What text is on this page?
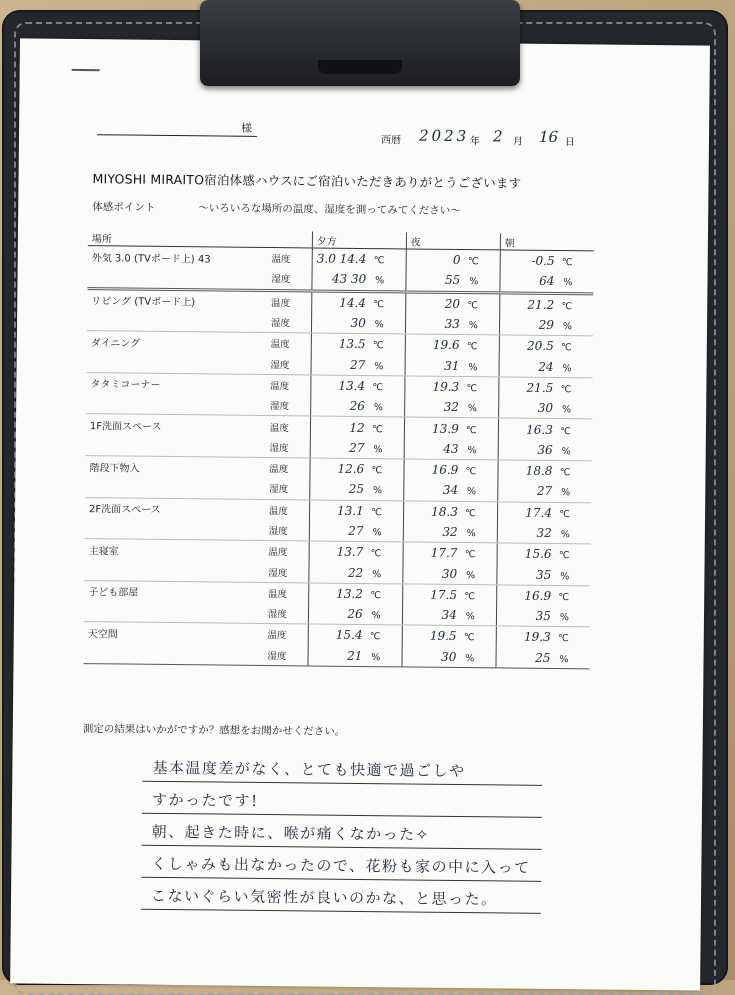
様
西暦 2023 年 2 月 16 日
MIYOSHI MIRAITO宿泊体感ハウスにご宿泊いただきありがとうございます
体感ポイント	〜いろいろな場所の温度、湿度を測ってみてください〜
場所		夕方	夜	朝
外気 3.0 (TVボード上) 43	温度	3.0 14.4 ℃	0 ℃	-0.5 ℃
	湿度	43 30 %	55 %	64 %
リビング (TVボード上)	温度	14.4 ℃	20 ℃	21.2 ℃
	湿度	30 %	33 %	29 %
ダイニング	温度	13.5 ℃	19.6 ℃	20.5 ℃
	湿度	27 %	31 %	24 %
タタミコーナー	温度	13.4 ℃	19.3 ℃	21.5 ℃
	湿度	26 %	32 %	30 %
1F洗面スペース	温度	12 ℃	13.9 ℃	16.3 ℃
	湿度	27 %	43 %	36 %
階段下物入	温度	12.6 ℃	16.9 ℃	18.8 ℃
	湿度	25 %	34 %	27 %
2F洗面スペース	温度	13.1 ℃	18.3 ℃	17.4 ℃
	湿度	27 %	32 %	32 %
主寝室	温度	13.7 ℃	17.7 ℃	15.6 ℃
	湿度	22 %	30 %	35 %
子ども部屋	温度	13.2 ℃	17.5 ℃	16.9 ℃
	湿度	26 %	34 %	35 %
天空間	温度	15.4 ℃	19.5 ℃	19.3 ℃
	湿度	21 %	30 %	25 %
測定の結果はいかがですか？感想をお聞かせください。
基本温度差がなく、とても快適で過ごしや
すかったです!
朝、起きた時に、喉が痛くなかった✧
くしゃみも出なかったので、花粉も家の中に入って
こないぐらい気密性が良いのかな、と思った。
